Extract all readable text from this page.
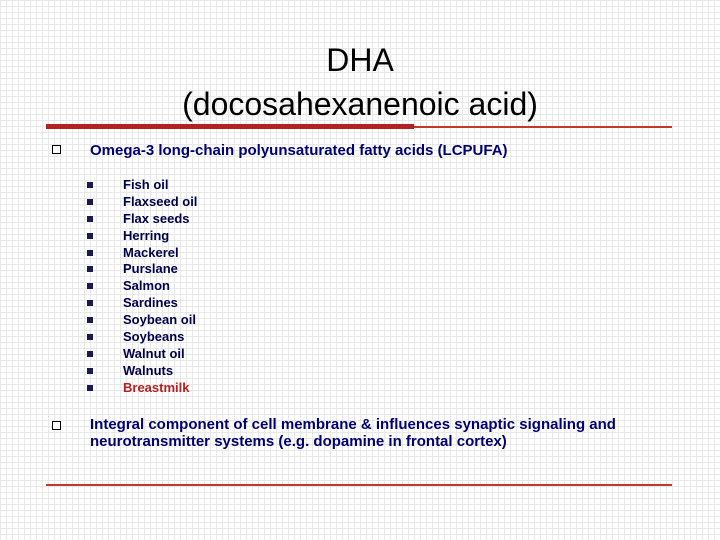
DHA
(docosahexanenoic acid)
Omega-3 long-chain polyunsaturated fatty acids (LCPUFA)
Fish oil
Flaxseed oil
Flax seeds
Herring
Mackerel
Purslane
Salmon
Sardines
Soybean oil
Soybeans
Walnut oil
Walnuts
Breastmilk
Integral component of cell membrane & influences synaptic signaling and
neurotransmitter systems (e.g. dopamine in frontal cortex)
